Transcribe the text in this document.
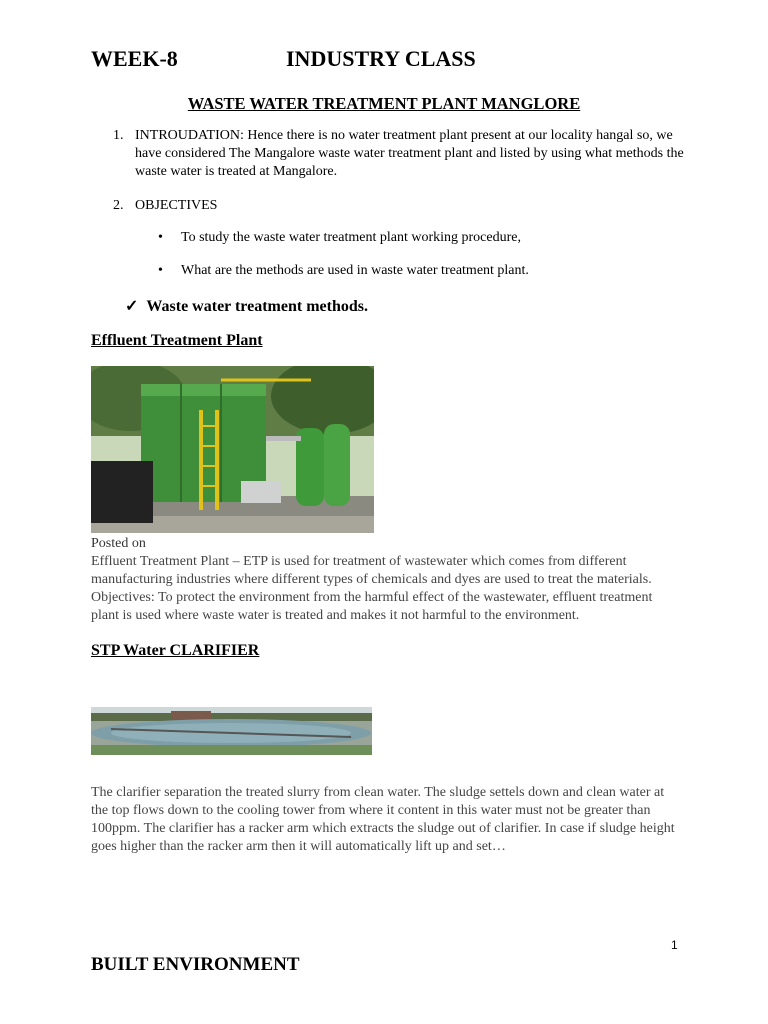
WEEK-8	INDUSTRY CLASS
WASTE WATER TREATMENT PLANT MANGLORE
1. INTROUDATION: Hence there is no water treatment plant present at our locality hangal so, we have considered The Mangalore waste water treatment plant and listed by using what methods the waste water is treated at Mangalore.
2. OBJECTIVES
• To study the waste water treatment plant working procedure,
• What are the methods are used in waste water treatment plant.
✓ Waste water treatment methods.
Effluent Treatment Plant
Posted on
Effluent Treatment Plant – ETP is used for treatment of wastewater which comes from different manufacturing industries where different types of chemicals and dyes are used to treat the materials. Objectives: To protect the environment from the harmful effect of the wastewater, effluent treatment plant is used where waste water is treated and makes it not harmful to the environment.
STP Water CLARIFIER
The clarifier separation the treated slurry from clean water. The sludge settels down and clean water at the top flows down to the cooling tower from where it content in this water must not be greater than 100ppm. The clarifier has a racker arm which extracts the sludge out of clarifier. In case if sludge height goes higher than the racker arm then it will automatically lift up and set…
1
BUILT ENVIRONMENT
